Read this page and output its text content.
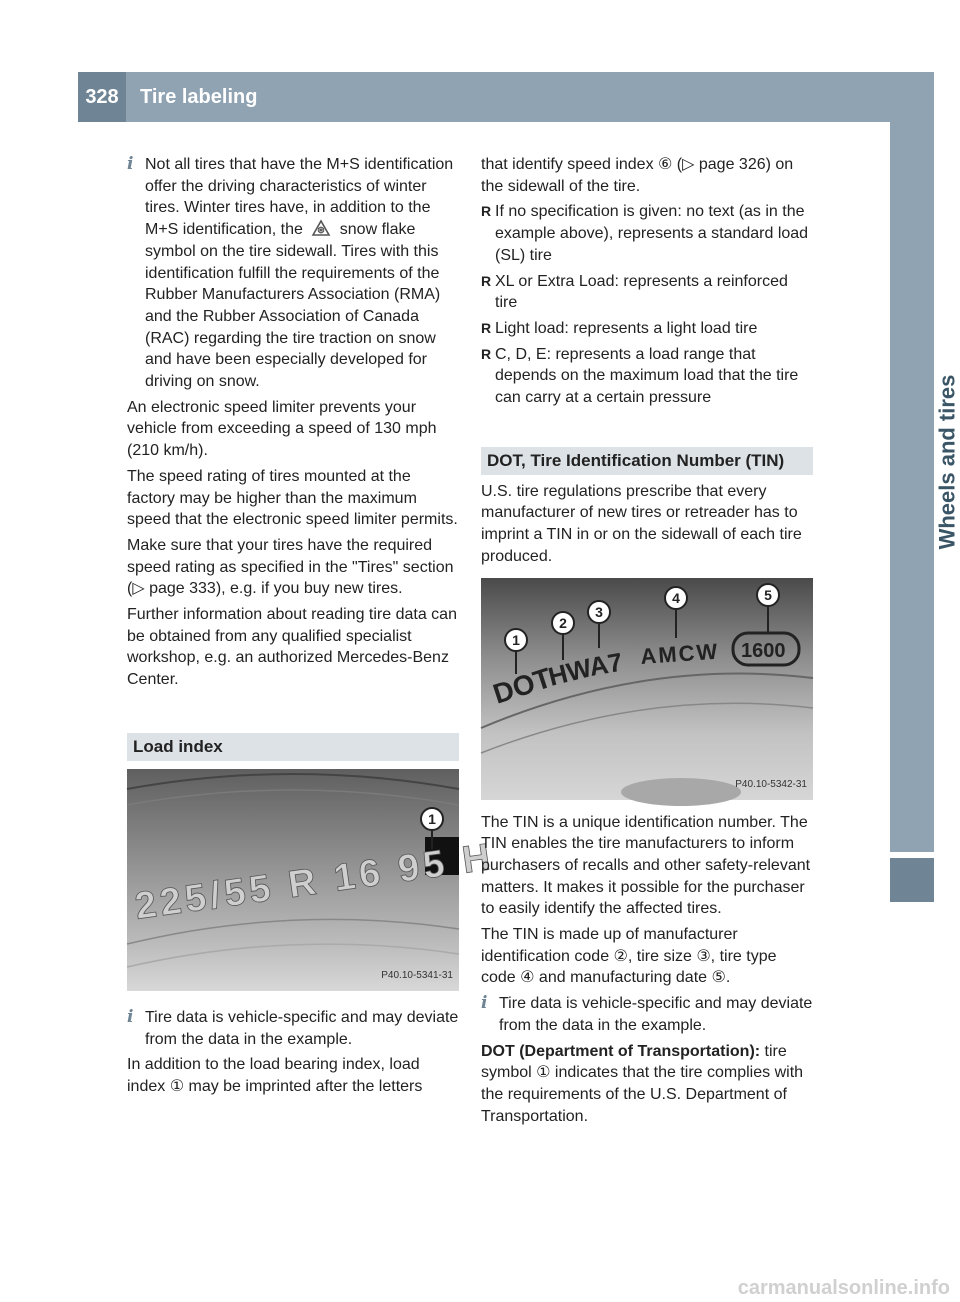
328	Tire labeling
Wheels and tires
i Not all tires that have the M+S identification offer the driving characteristics of winter tires. Winter tires have, in addition to the M+S identification, the snow flake symbol on the tire sidewall. Tires with this identification fulfill the requirements of the Rubber Manufacturers Association (RMA) and the Rubber Association of Canada (RAC) regarding the tire traction on snow and have been especially developed for driving on snow.
An electronic speed limiter prevents your vehicle from exceeding a speed of 130 mph (210 km/h).
The speed rating of tires mounted at the factory may be higher than the maximum speed that the electronic speed limiter permits.
Make sure that your tires have the required speed rating as specified in the "Tires" section (▷ page 333), e.g. if you buy new tires.
Further information about reading tire data can be obtained from any qualified specialist workshop, e.g. an authorized Mercedes-Benz Center.
Load index
1
225/55 R 16 95 H
P40.10-5341-31
i Tire data is vehicle-specific and may deviate from the data in the example.
In addition to the load bearing index, load index ① may be imprinted after the letters
that identify speed index ⑥ (▷ page 326) on the sidewall of the tire.
R If no specification is given: no text (as in the example above), represents a standard load (SL) tire
R XL or Extra Load: represents a reinforced tire
R Light load: represents a light load tire
R C, D, E: represents a load range that depends on the maximum load that the tire can carry at a certain pressure
DOT, Tire Identification Number (TIN)
U.S. tire regulations prescribe that every manufacturer of new tires or retreader has to imprint a TIN in or on the sidewall of each tire produced.
DOT
HW
A7 AMCW 1600
1
2
3
4	5
P40.10-5342-31
The TIN is a unique identification number. The TIN enables the tire manufacturers to inform purchasers of recalls and other safety-relevant matters. It makes it possible for the purchaser to easily identify the affected tires.
The TIN is made up of manufacturer identification code ②, tire size ③, tire type code ④ and manufacturing date ⑤.
i Tire data is vehicle-specific and may deviate from the data in the example.
DOT (Department of Transportation): tire symbol ① indicates that the tire complies with the requirements of the U.S. Department of Transportation.
carmanualsonline.info
